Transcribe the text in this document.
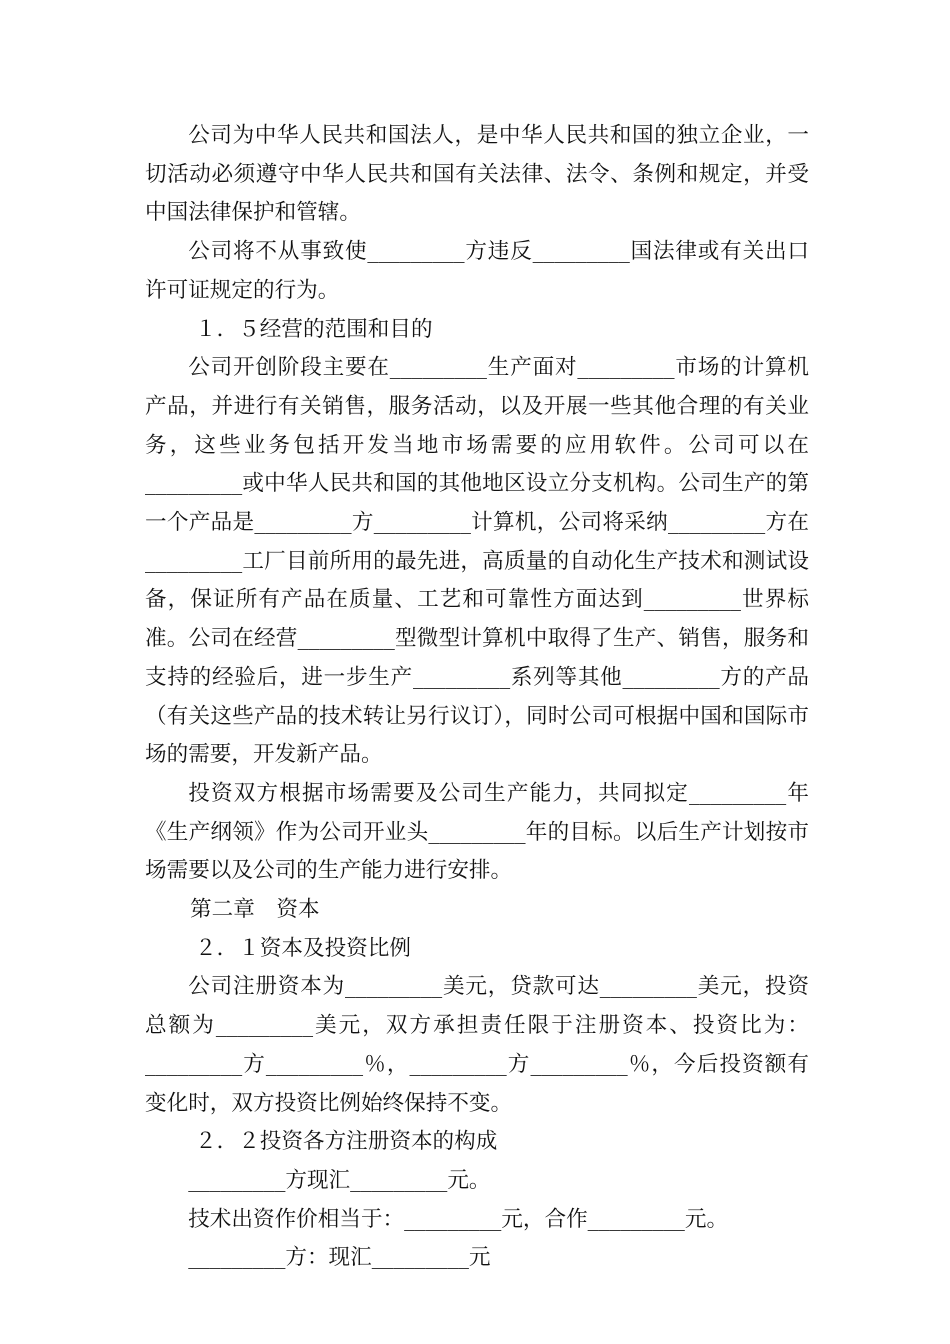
公司为中华人民共和国法人，是中华人民共和国的独立企业，一切活动必须遵守中华人民共和国有关法律、法令、条例和规定，并受中国法律保护和管辖。

公司将不从事致使_________方违反_________国法律或有关出口许可证规定的行为。

１．５经营的范围和目的

公司开创阶段主要在_________生产面对_________市场的计算机产品，并进行有关销售，服务活动，以及开展一些其他合理的有关业务，这些业务包括开发当地市场需要的应用软件。公司可以在_________或中华人民共和国的其他地区设立分支机构。公司生产的第一个产品是_________方_________计算机，公司将采纳_________方在_________工厂目前所用的最先进，高质量的自动化生产技术和测试设备，保证所有产品在质量、工艺和可靠性方面达到_________世界标准。公司在经营_________型微型计算机中取得了生产、销售，服务和支持的经验后，进一步生产_________系列等其他_________方的产品（有关这些产品的技术转让另行议订），同时公司可根据中国和国际市场的需要，开发新产品。

投资双方根据市场需要及公司生产能力，共同拟定_________年《生产纲领》作为公司开业头_________年的目标。以后生产计划按市场需要以及公司的生产能力进行安排。

第二章　资本

２．１资本及投资比例

公司注册资本为_________美元，贷款可达_________美元，投资总额为_________美元，双方承担责任限于注册资本、投资比为：_________方_________％，_________方_________％，今后投资额有变化时，双方投资比例始终保持不变。

２．２投资各方注册资本的构成

_________方现汇_________元。

技术出资作价相当于：_________元，合作_________元。

_________方：现汇_________元
